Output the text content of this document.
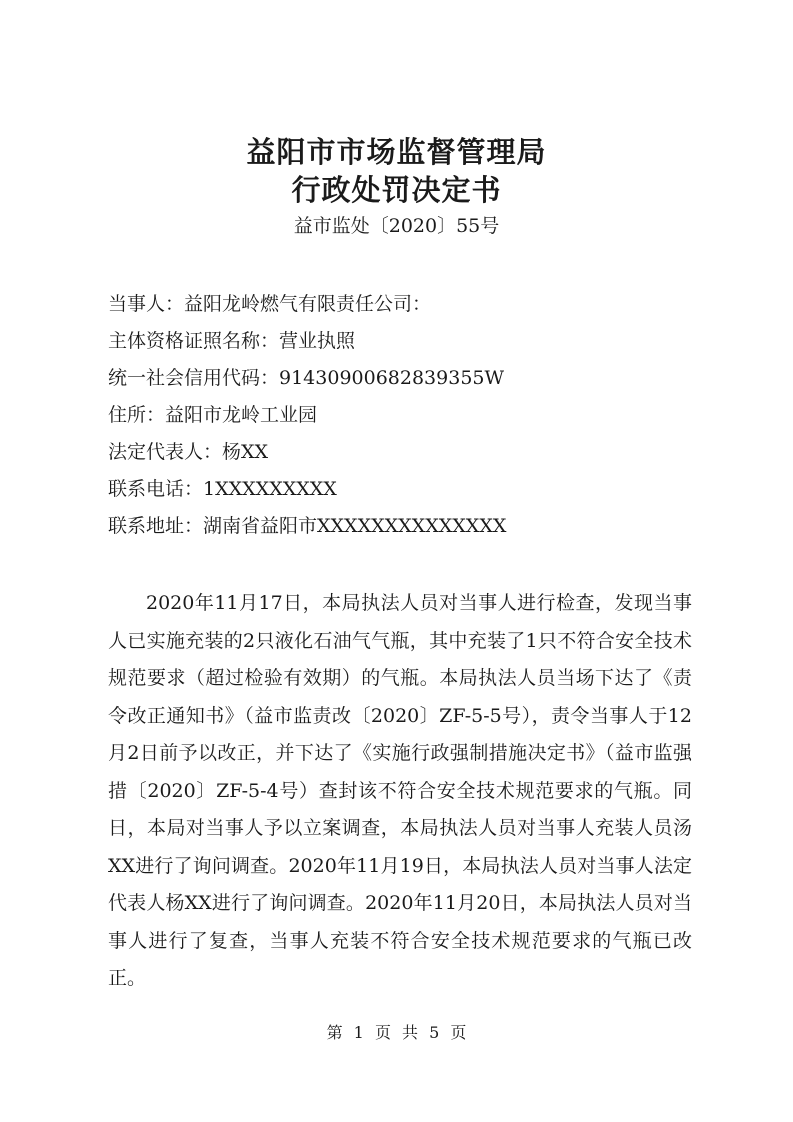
益阳市市场监督管理局
行政处罚决定书
益市监处〔2020〕55号
当事人：益阳龙岭燃气有限责任公司：
主体资格证照名称：营业执照
统一社会信用代码：91430900682839355W
住所：益阳市龙岭工业园
法定代表人：杨XX
联系电话：1XXXXXXXXX
联系地址：湖南省益阳市XXXXXXXXXXXXXX

2020年11月17日，本局执法人员对当事人进行检查，发现当事人已实施充装的2只液化石油气气瓶，其中充装了1只不符合安全技术规范要求（超过检验有效期）的气瓶。本局执法人员当场下达了《责令改正通知书》（益市监责改〔2020〕ZF-5-5号），责令当事人于12月2日前予以改正，并下达了《实施行政强制措施决定书》（益市监强措〔2020〕ZF-5-4号）查封该不符合安全技术规范要求的气瓶。同日，本局对当事人予以立案调查，本局执法人员对当事人充装人员汤XX进行了询问调查。2020年11月19日，本局执法人员对当事人法定代表人杨XX进行了询问调查。2020年11月20日，本局执法人员对当事人进行了复查，当事人充装不符合安全技术规范要求的气瓶已改正。

第 1 页 共 5 页
